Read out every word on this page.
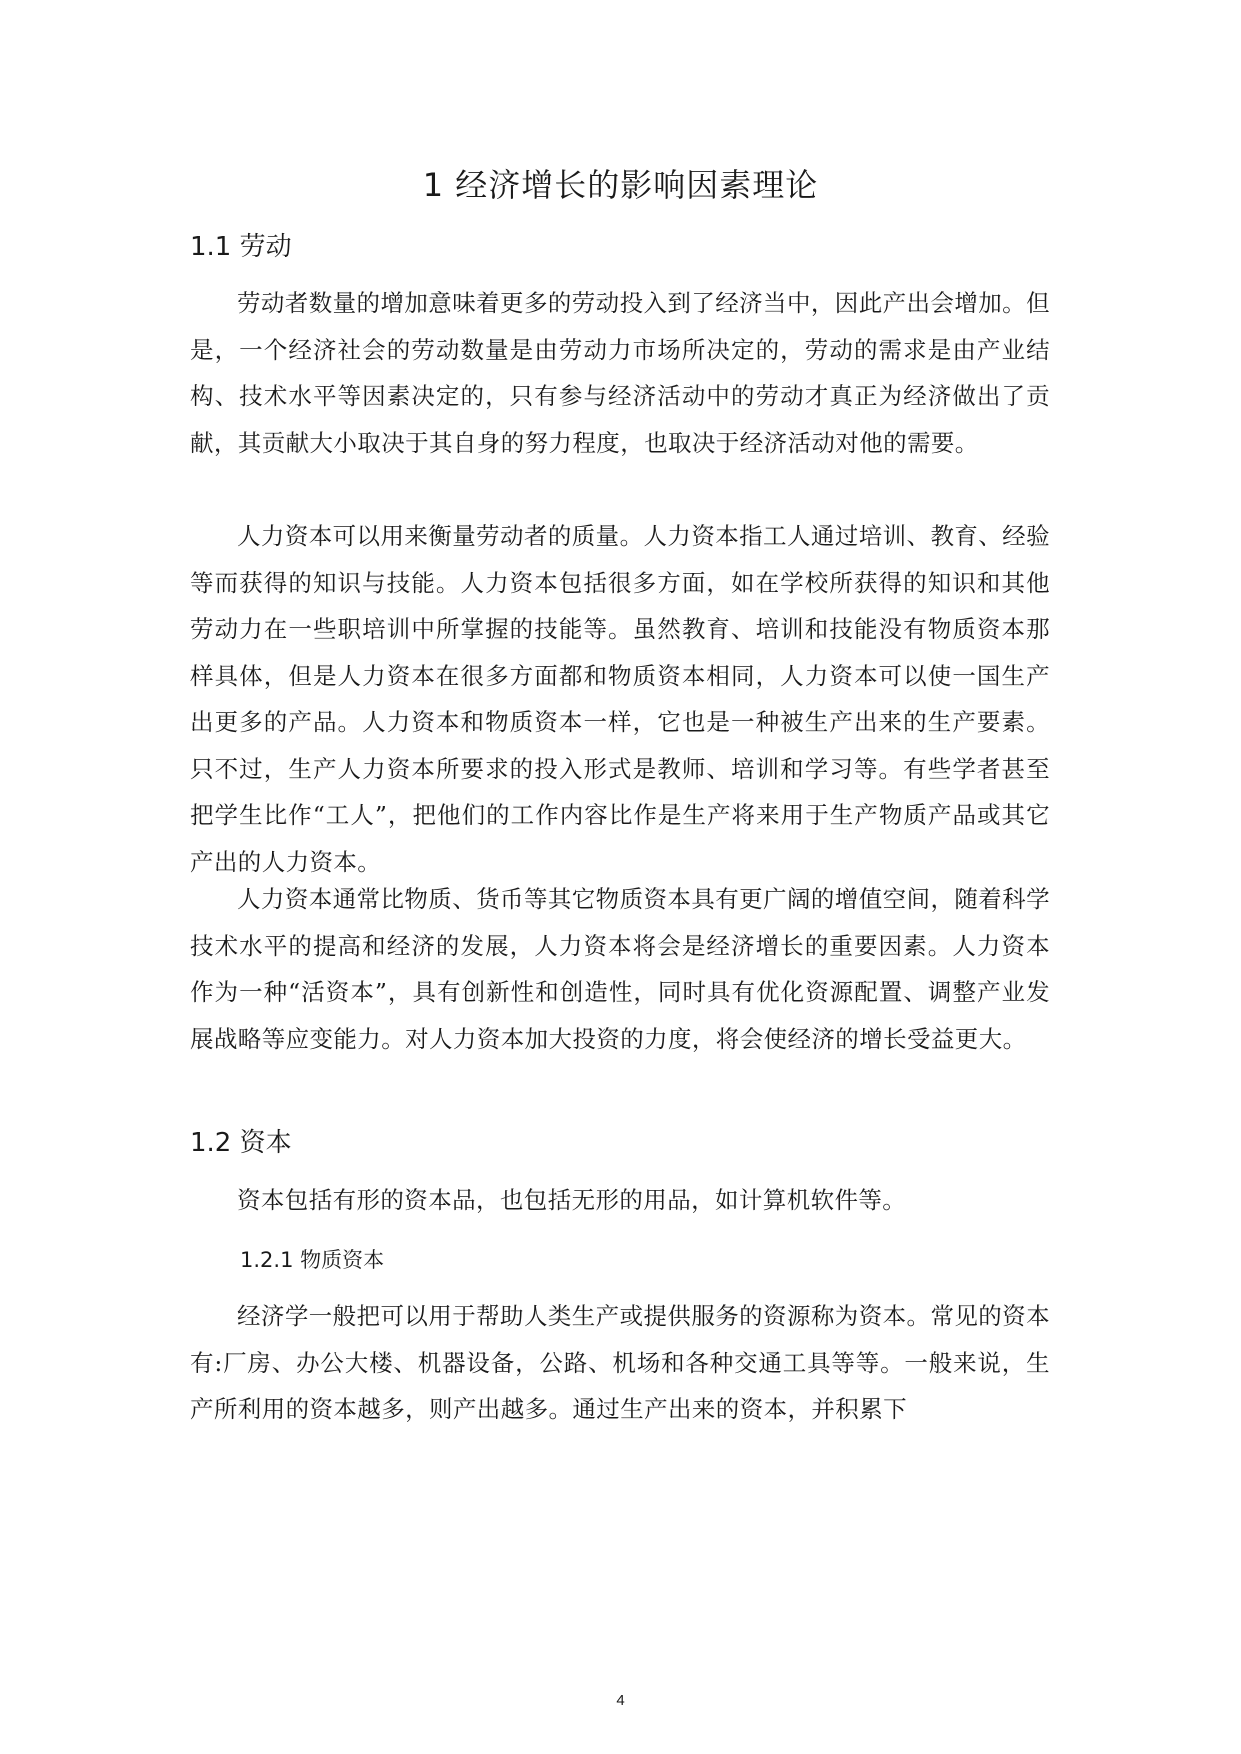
1 经济增长的影响因素理论
1.1 劳动

劳动者数量的增加意味着更多的劳动投入到了经济当中，因此产出会增加。但是，一个经济社会的劳动数量是由劳动力市场所决定的，劳动的需求是由产业结构、技术水平等因素决定的，只有参与经济活动中的劳动才真正为经济做出了贡献，其贡献大小取决于其自身的努力程度，也取决于经济活动对他的需要。

人力资本可以用来衡量劳动者的质量。人力资本指工人通过培训、教育、经验等而获得的知识与技能。人力资本包括很多方面，如在学校所获得的知识和其他劳动力在一些职培训中所掌握的技能等。虽然教育、培训和技能没有物质资本那样具体，但是人力资本在很多方面都和物质资本相同，人力资本可以使一国生产出更多的产品。人力资本和物质资本一样，它也是一种被生产出来的生产要素。只不过，生产人力资本所要求的投入形式是教师、培训和学习等。有些学者甚至把学生比作“工人”，把他们的工作内容比作是生产将来用于生产物质产品或其它产出的人力资本。

人力资本通常比物质、货币等其它物质资本具有更广阔的增值空间，随着科学技术水平的提高和经济的发展，人力资本将会是经济增长的重要因素。人力资本作为一种“活资本”，具有创新性和创造性，同时具有优化资源配置、调整产业发展战略等应变能力。对人力资本加大投资的力度，将会使经济的增长受益更大。

1.2 资本

资本包括有形的资本品，也包括无形的用品，如计算机软件等。

1.2.1 物质资本

经济学一般把可以用于帮助人类生产或提供服务的资源称为资本。常见的资本有:厂房、办公大楼、机器设备，公路、机场和各种交通工具等等。一般来说，生产所利用的资本越多，则产出越多。通过生产出来的资本，并积累下

4
